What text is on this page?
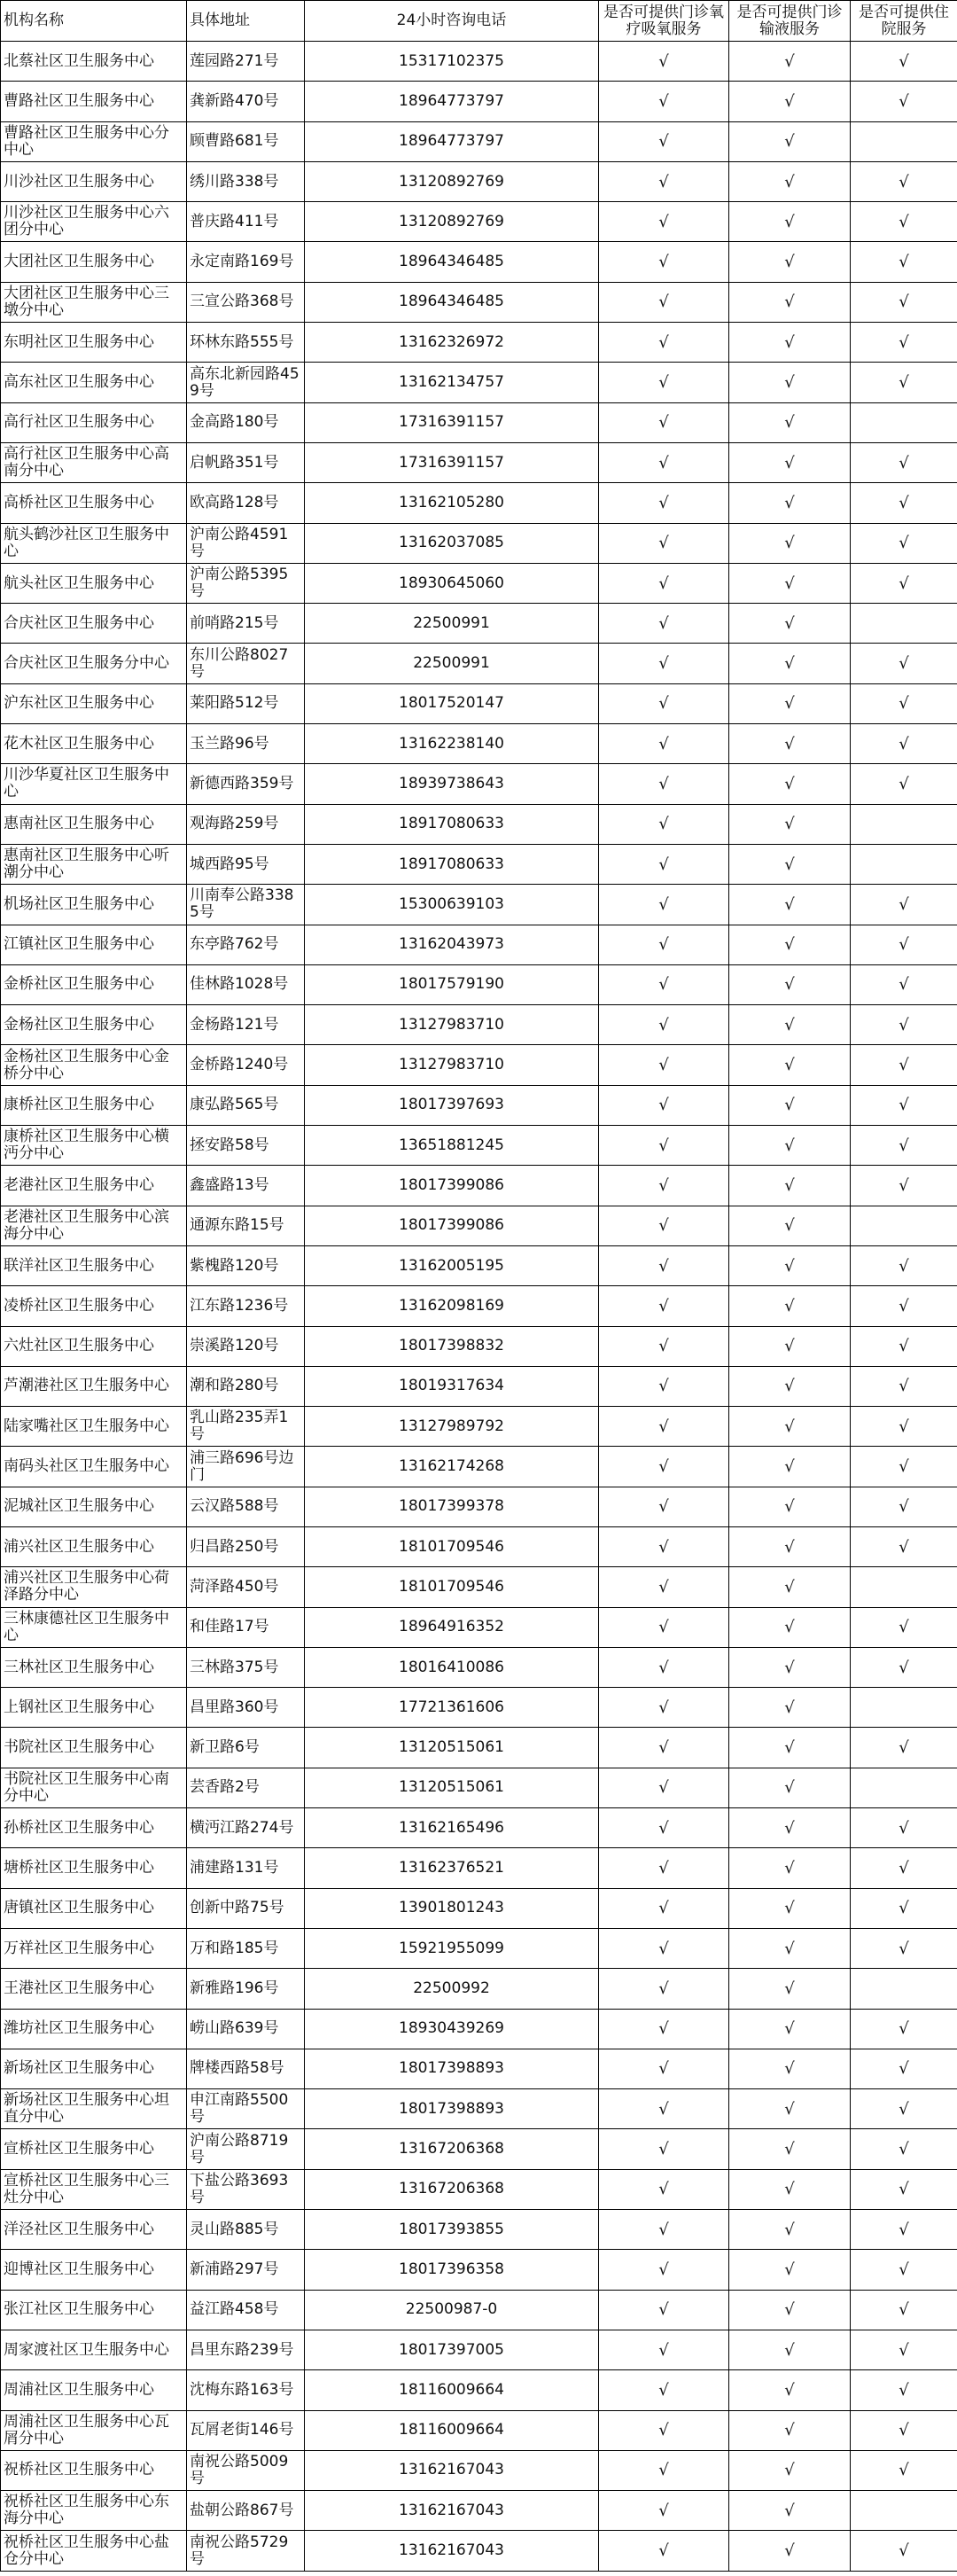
机构名称	具体地址	24小时咨询电话	是否可提供门诊氧疗吸氧服务	是否可提供门诊输液服务	是否可提供住院服务
北蔡社区卫生服务中心	莲园路271号	15317102375	√	√	√
曹路社区卫生服务中心	龚新路470号	18964773797	√	√	√
曹路社区卫生服务中心分中心	顾曹路681号	18964773797	√	√	
川沙社区卫生服务中心	绣川路338号	13120892769	√	√	√
川沙社区卫生服务中心六团分中心	普庆路411号	13120892769	√	√	√
大团社区卫生服务中心	永定南路169号	18964346485	√	√	√
大团社区卫生服务中心三墩分中心	三宣公路368号	18964346485	√	√	√
东明社区卫生服务中心	环林东路555号	13162326972	√	√	√
高东社区卫生服务中心	高东北新园路459号	13162134757	√	√	√
高行社区卫生服务中心	金高路180号	17316391157	√	√	
高行社区卫生服务中心高南分中心	启帆路351号	17316391157	√	√	√
高桥社区卫生服务中心	欧高路128号	13162105280	√	√	√
航头鹤沙社区卫生服务中心	沪南公路4591号	13162037085	√	√	√
航头社区卫生服务中心	沪南公路5395号	18930645060	√	√	√
合庆社区卫生服务中心	前哨路215号	22500991	√	√	
合庆社区卫生服务分中心	东川公路8027号	22500991	√	√	√
沪东社区卫生服务中心	莱阳路512号	18017520147	√	√	√
花木社区卫生服务中心	玉兰路96号	13162238140	√	√	√
川沙华夏社区卫生服务中心	新德西路359号	18939738643	√	√	√
惠南社区卫生服务中心	观海路259号	18917080633	√	√	
惠南社区卫生服务中心听潮分中心	城西路95号	18917080633	√	√	
机场社区卫生服务中心	川南奉公路3385号	15300639103	√	√	√
江镇社区卫生服务中心	东亭路762号	13162043973	√	√	√
金桥社区卫生服务中心	佳林路1028号	18017579190	√	√	√
金杨社区卫生服务中心	金杨路121号	13127983710	√	√	√
金杨社区卫生服务中心金桥分中心	金桥路1240号	13127983710	√	√	√
康桥社区卫生服务中心	康弘路565号	18017397693	√	√	√
康桥社区卫生服务中心横沔分中心	拯安路58号	13651881245	√	√	√
老港社区卫生服务中心	鑫盛路13号	18017399086	√	√	√
老港社区卫生服务中心滨海分中心	通源东路15号	18017399086	√	√	
联洋社区卫生服务中心	紫槐路120号	13162005195	√	√	√
凌桥社区卫生服务中心	江东路1236号	13162098169	√	√	√
六灶社区卫生服务中心	崇溪路120号	18017398832	√	√	√
芦潮港社区卫生服务中心	潮和路280号	18019317634	√	√	√
陆家嘴社区卫生服务中心	乳山路235弄1号	13127989792	√	√	√
南码头社区卫生服务中心	浦三路696号边门	13162174268	√	√	√
泥城社区卫生服务中心	云汉路588号	18017399378	√	√	√
浦兴社区卫生服务中心	归昌路250号	18101709546	√	√	√
浦兴社区卫生服务中心荷泽路分中心	菏泽路450号	18101709546	√	√	
三林康德社区卫生服务中心	和佳路17号	18964916352	√	√	√
三林社区卫生服务中心	三林路375号	18016410086	√	√	√
上钢社区卫生服务中心	昌里路360号	17721361606	√	√	
书院社区卫生服务中心	新卫路6号	13120515061	√	√	√
书院社区卫生服务中心南分中心	芸香路2号	13120515061	√	√	
孙桥社区卫生服务中心	横沔江路274号	13162165496	√	√	√
塘桥社区卫生服务中心	浦建路131号	13162376521	√	√	√
唐镇社区卫生服务中心	创新中路75号	13901801243	√	√	√
万祥社区卫生服务中心	万和路185号	15921955099	√	√	√
王港社区卫生服务中心	新雅路196号	22500992	√	√	
潍坊社区卫生服务中心	崂山路639号	18930439269	√	√	√
新场社区卫生服务中心	牌楼西路58号	18017398893	√	√	√
新场社区卫生服务中心坦直分中心	申江南路5500号	18017398893	√	√	√
宣桥社区卫生服务中心	沪南公路8719号	13167206368	√	√	√
宣桥社区卫生服务中心三灶分中心	下盐公路3693号	13167206368	√	√	√
洋泾社区卫生服务中心	灵山路885号	18017393855	√	√	√
迎博社区卫生服务中心	新浦路297号	18017396358	√	√	√
张江社区卫生服务中心	益江路458号	22500987-0	√	√	√
周家渡社区卫生服务中心	昌里东路239号	18017397005	√	√	√
周浦社区卫生服务中心	沈梅东路163号	18116009664	√	√	√
周浦社区卫生服务中心瓦屑分中心	瓦屑老街146号	18116009664	√	√	√
祝桥社区卫生服务中心	南祝公路5009号	13162167043	√	√	√
祝桥社区卫生服务中心东海分中心	盐朝公路867号	13162167043	√	√	
祝桥社区卫生服务中心盐仓分中心	南祝公路5729号	13162167043	√	√	√
